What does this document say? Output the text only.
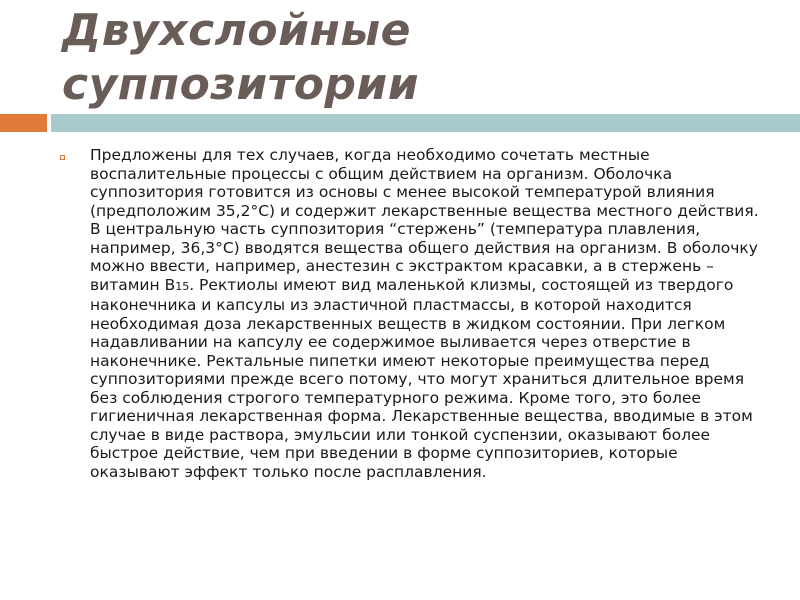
Двухслойные суппозитории

Предложены для тех случаев, когда необходимо сочетать местные воспалительные процессы с общим действием на организм. Оболочка суппозитория готовится из основы с менее высокой температурой влияния (предположим 35,2°С) и содержит лекарственные вещества местного действия. В центральную часть суппозитория “стержень” (температура плавления, например, 36,3°С) вводятся вещества общего действия на организм. В оболочку можно ввести, например, анестезин с экстрактом красавки, а в стержень – витамин В15. Ректиолы имеют вид маленькой клизмы, состоящей из твердого наконечника и капсулы из эластичной пластмассы, в которой находится необходимая доза лекарственных веществ в жидком состоянии. При легком надавливании на капсулу ее содержимое выливается через отверстие в наконечнике. Ректальные пипетки имеют некоторые преимущества перед суппозиториями прежде всего потому, что могут храниться длительное время без соблюдения строгого температурного режима. Кроме того, это более гигиеничная лекарственная форма. Лекарственные вещества, вводимые в этом случае в виде раствора, эмульсии или тонкой суспензии, оказывают более быстрое действие, чем при введении в форме суппозиториев, которые оказывают эффект только после расплавления.
